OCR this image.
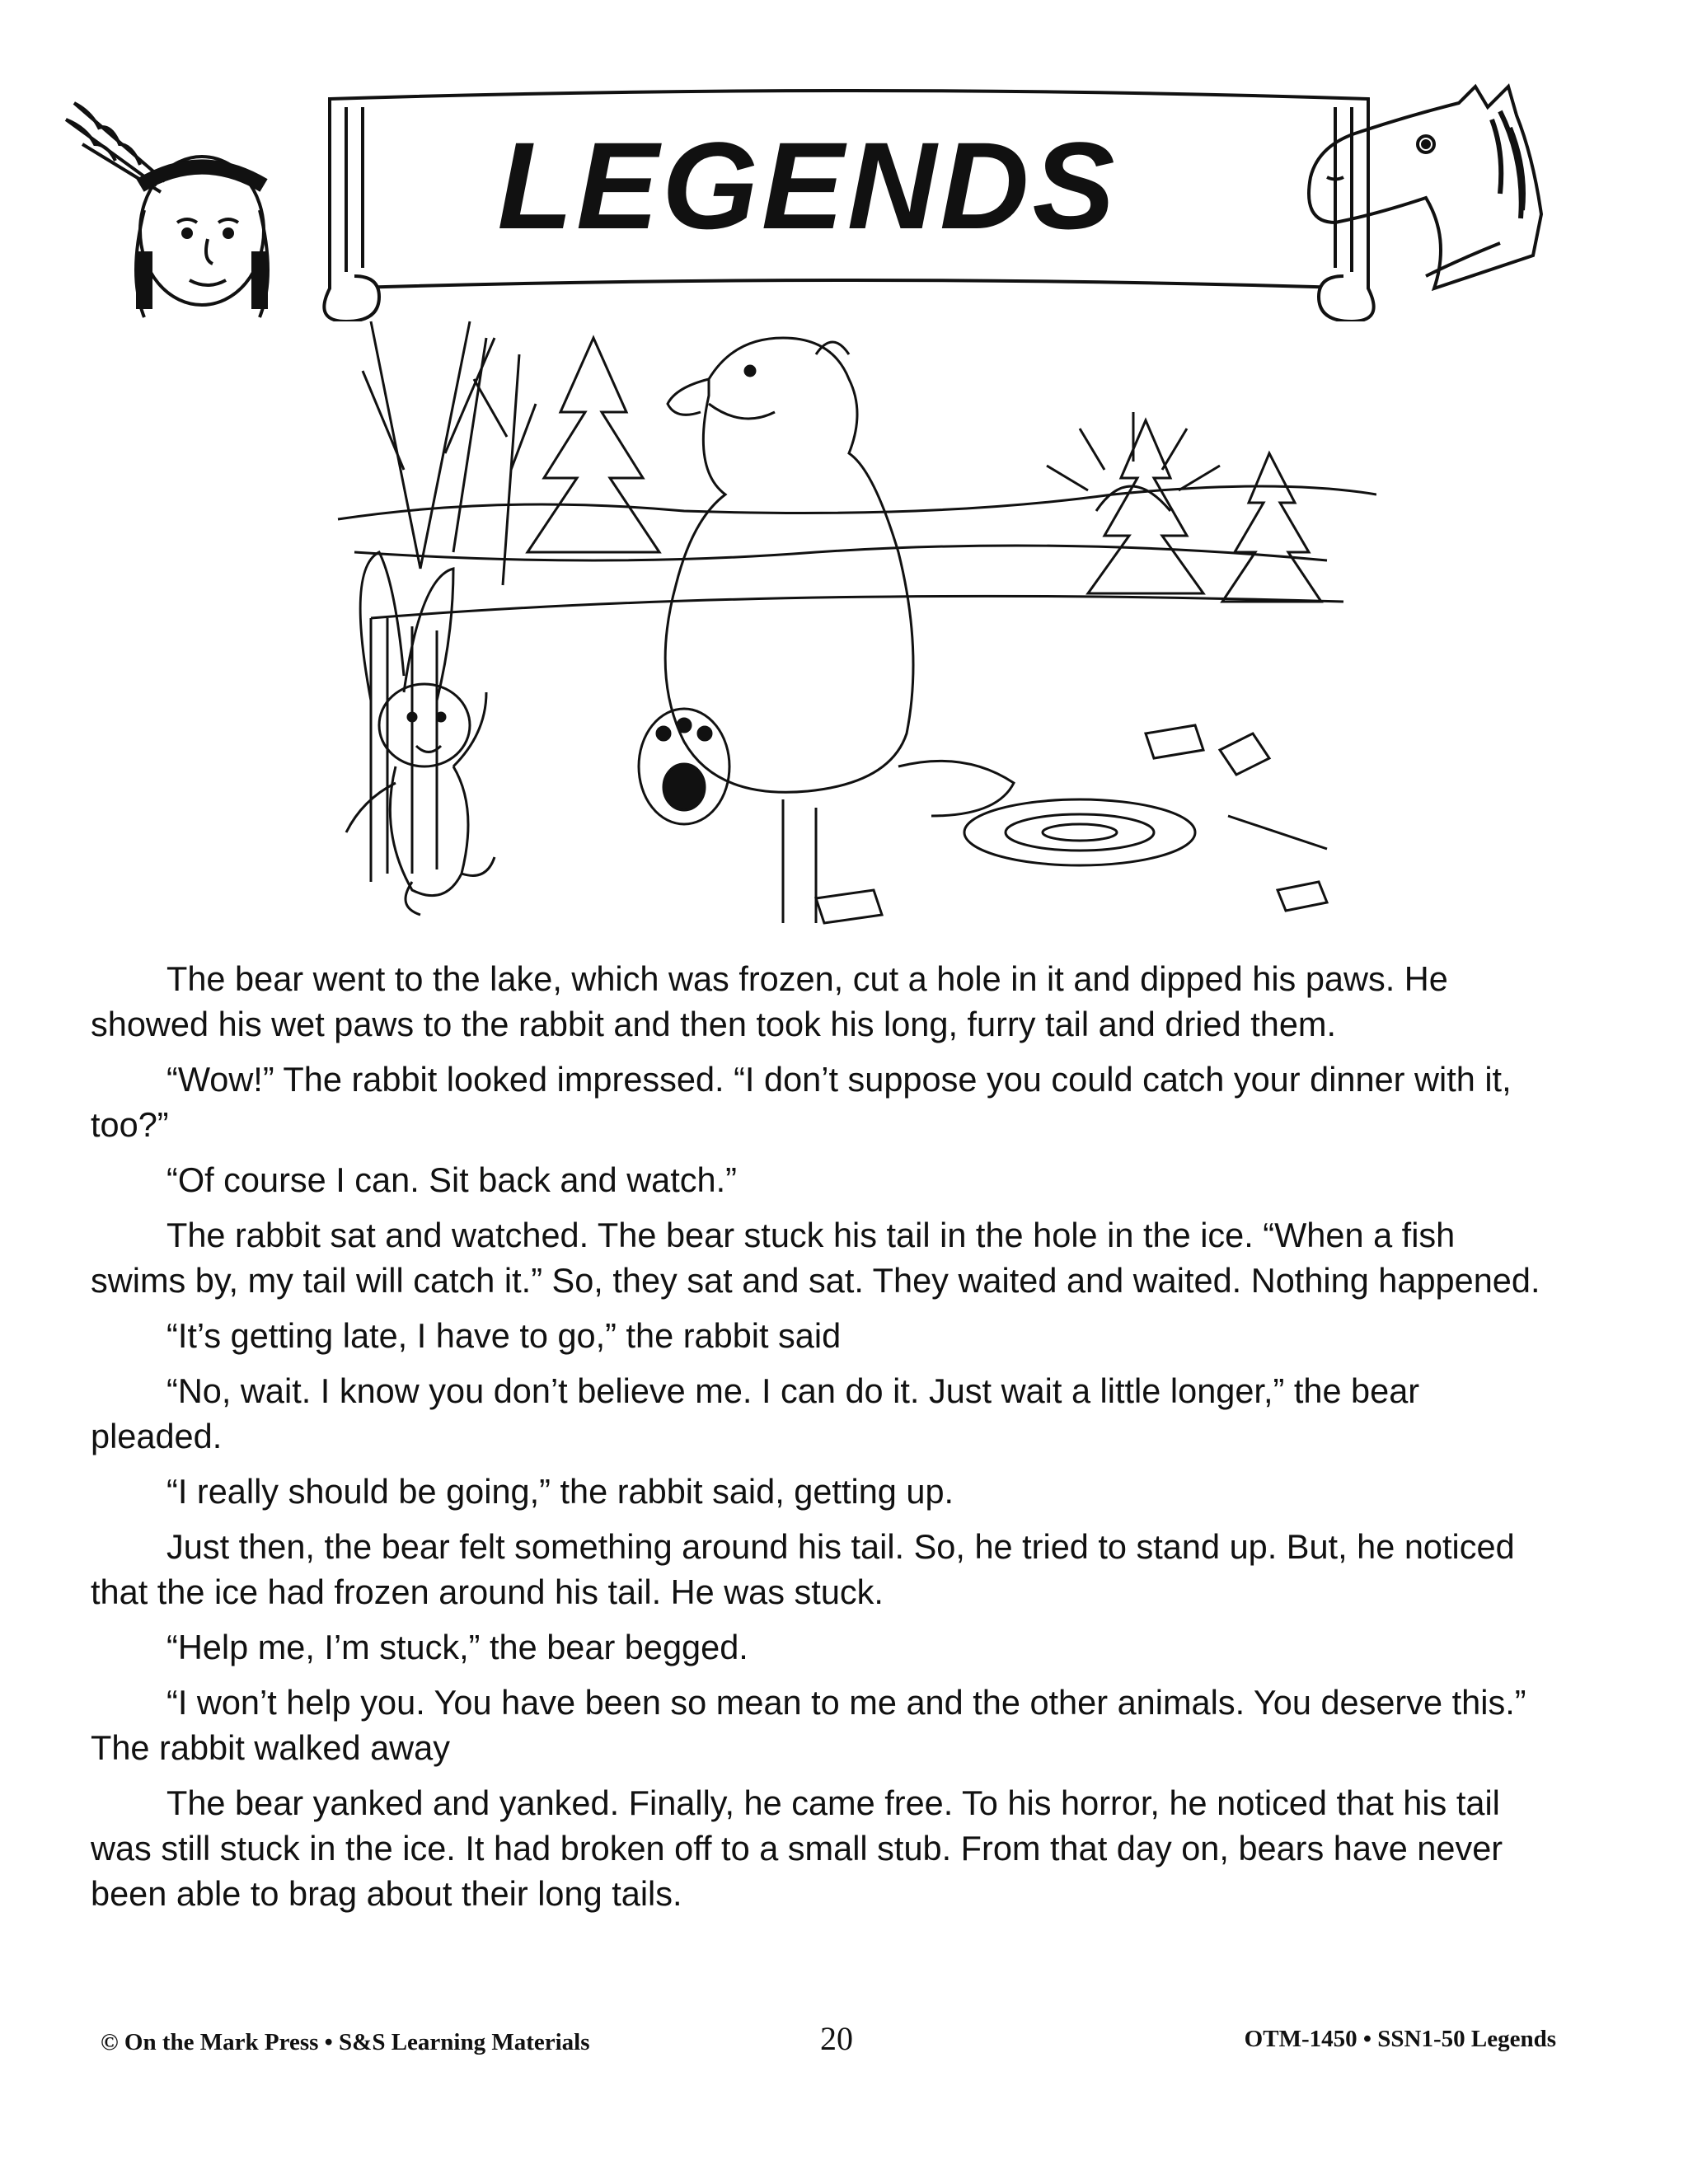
LEGENDS

The bear went to the lake, which was frozen, cut a hole in it and dipped his paws. He showed his wet paws to the rabbit and then took his long, furry tail and dried them.

“Wow!” The rabbit looked impressed. “I don’t suppose you could catch your dinner with it, too?”

“Of course I can. Sit back and watch.”

The rabbit sat and watched. The bear stuck his tail in the hole in the ice. “When a fish swims by, my tail will catch it.” So, they sat and sat. They waited and waited. Nothing happened.

“It’s getting late, I have to go,” the rabbit said

“No, wait. I know you don’t believe me. I can do it. Just wait a little longer,” the bear pleaded.

“I really should be going,” the rabbit said, getting up.

Just then, the bear felt something around his tail. So, he tried to stand up. But, he noticed that the ice had frozen around his tail. He was stuck.

“Help me, I’m stuck,” the bear begged.

“I won’t help you. You have been so mean to me and the other animals. You deserve this.” The rabbit walked away

The bear yanked and yanked. Finally, he came free. To his horror, he noticed that his tail was still stuck in the ice. It had broken off to a small stub. From that day on, bears have never been able to brag about their long tails.

© On the Mark Press • S&S Learning Materials	20	OTM-1450 • SSN1-50 Legends
